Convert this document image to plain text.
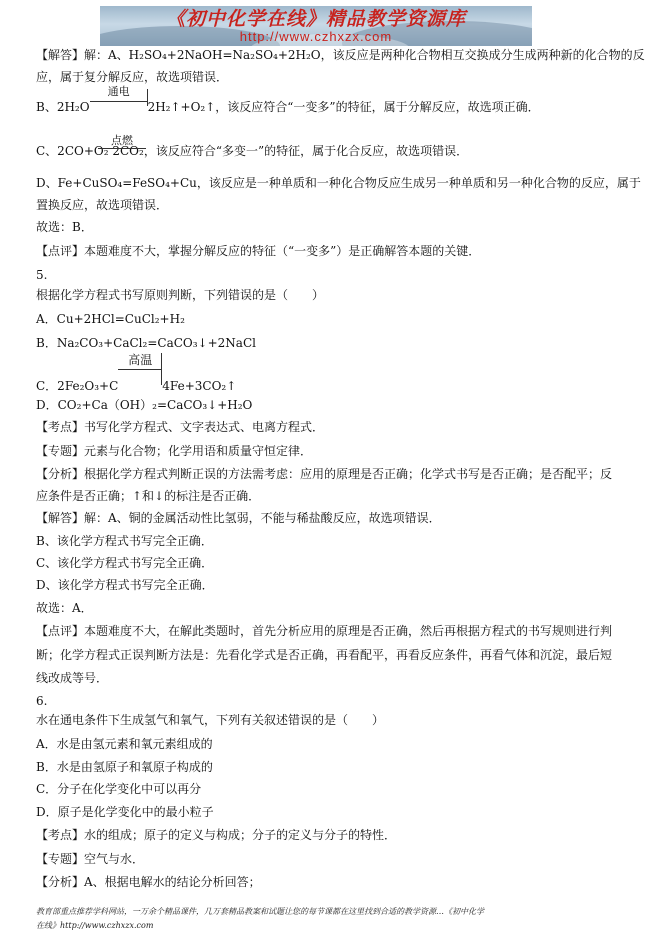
《初中化学在线》精品教学资源库
http://www.czhxzx.com
【解答】解：A、H₂SO₄+2NaOH=Na₂SO₄+2H₂O，该反应是两种化合物相互交换成分生成两种新的化合物的反
应，属于复分解反应，故选项错误．
B、2H₂O
通电
2H₂↑+O₂↑，该反应符合“一变多”的特征，属于分解反应，故选项正确．
C、2CO+O₂ 2CO₂，该反应符合“多变一”的特征，属于化合反应，故选项错误．
点燃
D、Fe+CuSO₄=FeSO₄+Cu，该反应是一种单质和一种化合物反应生成另一种单质和另一种化合物的反应，属于
置换反应，故选项错误．
故选：B．
【点评】本题难度不大，掌握分解反应的特征（“一变多”）是正确解答本题的关键．
5.
根据化学方程式书写原则判断，下列错误的是（　　）
A．Cu+2HCl=CuCl₂+H₂
B．Na₂CO₃+CaCl₂=CaCO₃↓+2NaCl
C．2Fe₂O₃+C
高温
4Fe+3CO₂↑
D．CO₂+Ca（OH）₂=CaCO₃↓+H₂O
【考点】书写化学方程式、文字表达式、电离方程式．
【专题】元素与化合物；化学用语和质量守恒定律．
【分析】根据化学方程式判断正误的方法需考虑：应用的原理是否正确；化学式书写是否正确；是否配平；反
应条件是否正确；↑和↓的标注是否正确．
【解答】解：A、铜的金属活动性比氢弱，不能与稀盐酸反应，故选项错误．
B、该化学方程式书写完全正确．
C、该化学方程式书写完全正确．
D、该化学方程式书写完全正确．
故选：A．
【点评】本题难度不大，在解此类题时，首先分析应用的原理是否正确，然后再根据方程式的书写规则进行判
断；化学方程式正误判断方法是：先看化学式是否正确，再看配平，再看反应条件，再看气体和沉淀，最后短
线改成等号．
6.
水在通电条件下生成氢气和氧气，下列有关叙述错误的是（　　）
A．水是由氢元素和氧元素组成的
B．水是由氢原子和氧原子构成的
C．分子在化学变化中可以再分
D．原子是化学变化中的最小粒子
【考点】水的组成；原子的定义与构成；分子的定义与分子的特性．
【专题】空气与水．
【分析】A、根据电解水的结论分析回答；
教育部重点推荐学科网站，一万余个精品课件，几万套精品教案和试题让您的每节课都在这里找到合适的教学资源…《初中化学
在线》http://www.czhxzx.com
